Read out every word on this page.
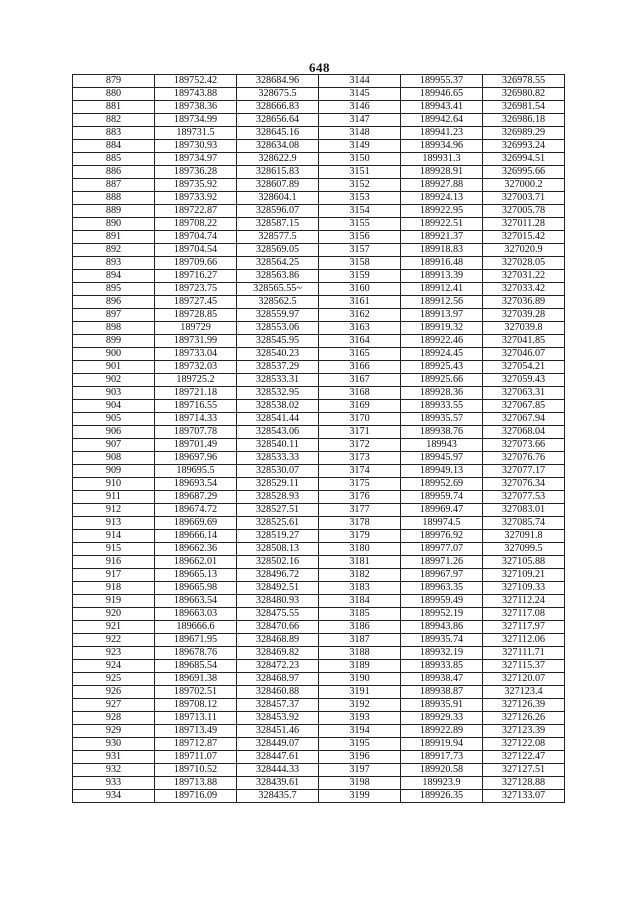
648
879	189752.42	328684.96	3144	189955.37	326978.55
880	189743.88	328675.5	3145	189946.65	326980.82
881	189738.36	328666.83	3146	189943.41	326981.54
882	189734.99	328656.64	3147	189942.64	326986.18
883	189731.5	328645.16	3148	189941.23	326989.29
884	189730.93	328634.08	3149	189934.96	326993.24
885	189734.97	328622.9	3150	189931.3	326994.51
886	189736.28	328615.83	3151	189928.91	326995.66
887	189735.92	328607.89	3152	189927.88	327000.2
888	189733.92	328604.1	3153	189924.13	327003.71
889	189722.87	328596.07	3154	189922.95	327005.78
890	189708.22	328587.15	3155	189922.51	327011.28
891	189704.74	328577.5	3156	189921.37	327015.42
892	189704.54	328569.05	3157	189918.83	327020.9
893	189709.66	328564.25	3158	189916.48	327028.05
894	189716.27	328563.86	3159	189913.39	327031.22
895	189723.75	328565.55~	3160	189912.41	327033.42
896	189727.45	328562.5	3161	189912.56	327036.89
897	189728.85	328559.97	3162	189913.97	327039.28
898	189729	328553.06	3163	189919.32	327039.8
899	189731.99	328545.95	3164	189922.46	327041.85
900	189733.04	328540.23	3165	189924.45	327046.07
901	189732.03	328537.29	3166	189925.43	327054.21
902	189725.2	328533.31	3167	189925.66	327059.43
903	189721.18	328532.95	3168	189928.36	327063.31
904	189716.55	328538.02	3169	189933.55	327067.85
905	189714.33	328541.44	3170	189935.57	327067.94
906	189707.78	328543.06	3171	189938.76	327068.04
907	189701.49	328540.11	3172	189943	327073.66
908	189697.96	328533.33	3173	189945.97	327076.76
909	189695.5	328530.07	3174	189949.13	327077.17
910	189693.54	328529.11	3175	189952.69	327076.34
911	189687.29	328528.93	3176	189959.74	327077.53
912	189674.72	328527.51	3177	189969.47	327083.01
913	189669.69	328525.61	3178	189974.5	327085.74
914	189666.14	328519.27	3179	189976.92	327091.8
915	189662.36	328508.13	3180	189977.07	327099.5
916	189662.01	328502.16	3181	189971.26	327105.88
917	189665.13	328496.72	3182	189967.97	327109.21
918	189665.98	328492.51	3183	189963.35	327109.33
919	189663.54	328480.93	3184	189959.49	327112.24
920	189663.03	328475.55	3185	189952.19	327117.08
921	189666.6	328470.66	3186	189943.86	327117.97
922	189671.95	328468.89	3187	189935.74	327112.06
923	189678.76	328469.82	3188	189932.19	327111.71
924	189685.54	328472.23	3189	189933.85	327115.37
925	189691.38	328468.97	3190	189938.47	327120.07
926	189702.51	328460.88	3191	189938.87	327123.4
927	189708.12	328457.37	3192	189935.91	327126.39
928	189713.11	328453.92	3193	189929.33	327126.26
929	189713.49	328451.46	3194	189922.89	327123.39
930	189712.87	328449.07	3195	189919.94	327122.08
931	189711.07	328447.61	3196	189917.73	327122.47
932	189710.52	328444.33	3197	189920.58	327127.51
933	189713.88	328439.61	3198	189923.9	327128.88
934	189716.09	328435.7	3199	189926.35	327133.07
